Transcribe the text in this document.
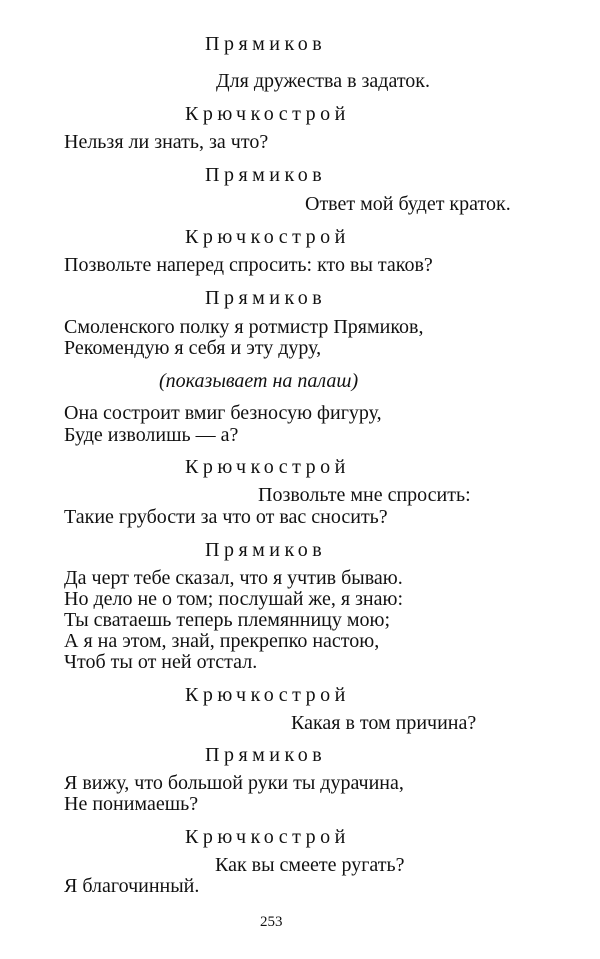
Прямиков
Для дружества в задаток.
Крючкострой
Нельзя ли знать, за что?
Прямиков
Ответ мой будет краток.
Крючкострой
Позвольте наперед спросить: кто вы таков?
Прямиков
Смоленского полку я ротмистр Прямиков,
Рекомендую я себя и эту дуру,
(показывает на палаш)
Она состроит вмиг безносую фигуру,
Буде изволишь — а?
Крючкострой
Позвольте мне спросить:
Такие грубости за что от вас сносить?
Прямиков
Да черт тебе сказал, что я учтив бываю.
Но дело не о том; послушай же, я знаю:
Ты сватаешь теперь племянницу мою;
А я на этом, знай, прекрепко настою,
Чтоб ты от ней отстал.
Крючкострой
Какая в том причина?
Прямиков
Я вижу, что большой руки ты дурачина,
Не понимаешь?
Крючкострой
Как вы смеете ругать?
Я благочинный.
253
